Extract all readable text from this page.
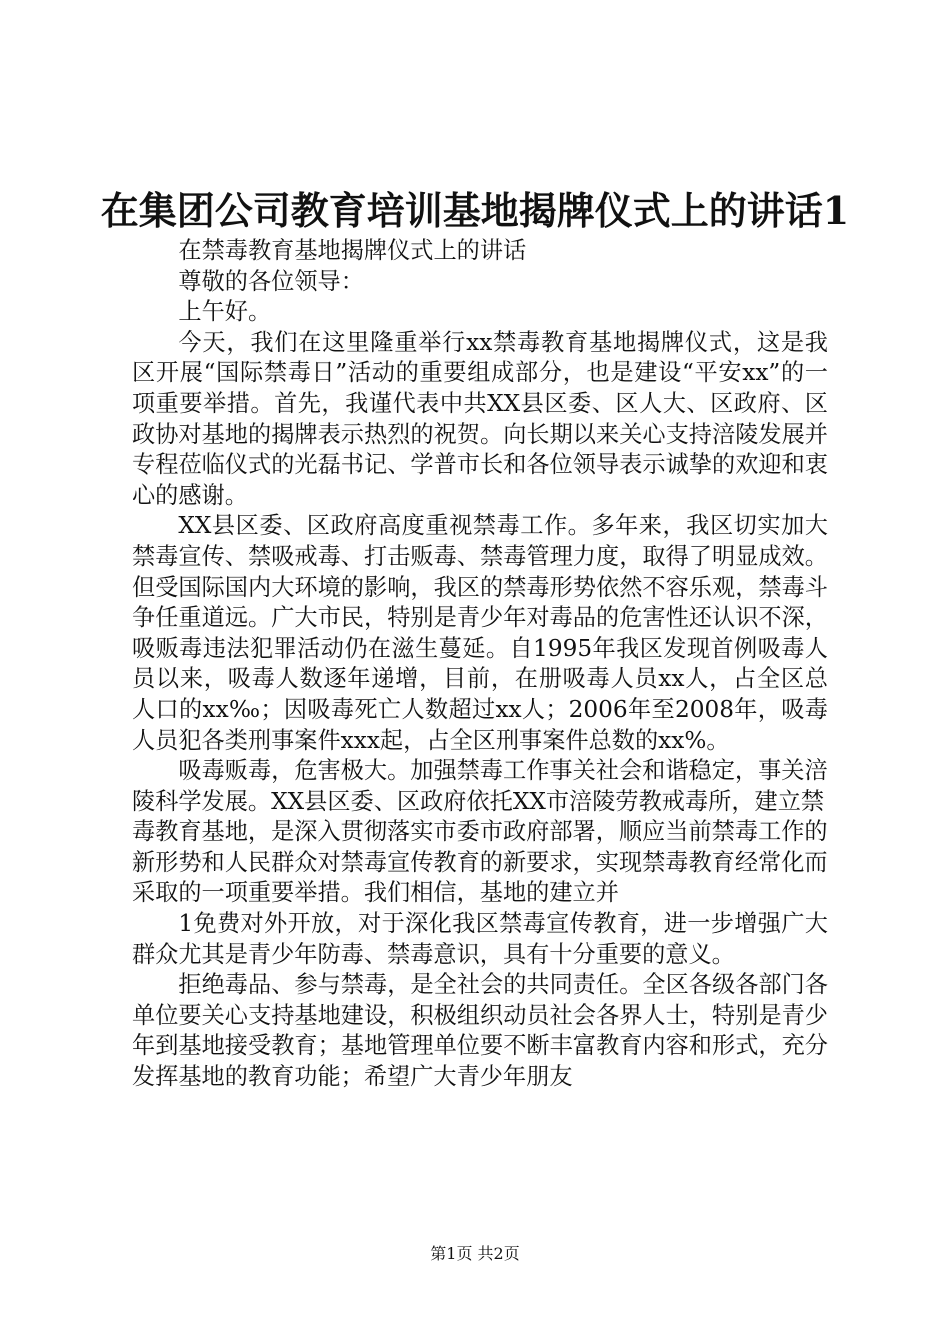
在集团公司教育培训基地揭牌仪式上的讲话1

在禁毒教育基地揭牌仪式上的讲话

尊敬的各位领导：

上午好。

今天，我们在这里隆重举行xx禁毒教育基地揭牌仪式，这是我区开展“国际禁毒日”活动的重要组成部分，也是建设“平安xx”的一项重要举措。首先，我谨代表中共XX县区委、区人大、区政府、区政协对基地的揭牌表示热烈的祝贺。向长期以来关心支持涪陵发展并专程莅临仪式的光磊书记、学普市长和各位领导表示诚挚的欢迎和衷心的感谢。

XX县区委、区政府高度重视禁毒工作。多年来，我区切实加大禁毒宣传、禁吸戒毒、打击贩毒、禁毒管理力度，取得了明显成效。但受国际国内大环境的影响，我区的禁毒形势依然不容乐观，禁毒斗争任重道远。广大市民，特别是青少年对毒品的危害性还认识不深，吸贩毒违法犯罪活动仍在滋生蔓延。自1995年我区发现首例吸毒人员以来，吸毒人数逐年递增，目前，在册吸毒人员xx人，占全区总人口的xx‰；因吸毒死亡人数超过xx人；2006年至2008年，吸毒人员犯各类刑事案件xxx起，占全区刑事案件总数的xx%。

吸毒贩毒，危害极大。加强禁毒工作事关社会和谐稳定，事关涪陵科学发展。XX县区委、区政府依托XX市涪陵劳教戒毒所，建立禁毒教育基地，是深入贯彻落实市委市政府部署，顺应当前禁毒工作的新形势和人民群众对禁毒宣传教育的新要求，实现禁毒教育经常化而采取的一项重要举措。我们相信，基地的建立并

1免费对外开放，对于深化我区禁毒宣传教育，进一步增强广大群众尤其是青少年防毒、禁毒意识，具有十分重要的意义。

拒绝毒品、参与禁毒，是全社会的共同责任。全区各级各部门各单位要关心支持基地建设，积极组织动员社会各界人士，特别是青少年到基地接受教育；基地管理单位要不断丰富教育内容和形式，充分发挥基地的教育功能；希望广大青少年朋友

第1页 共2页
